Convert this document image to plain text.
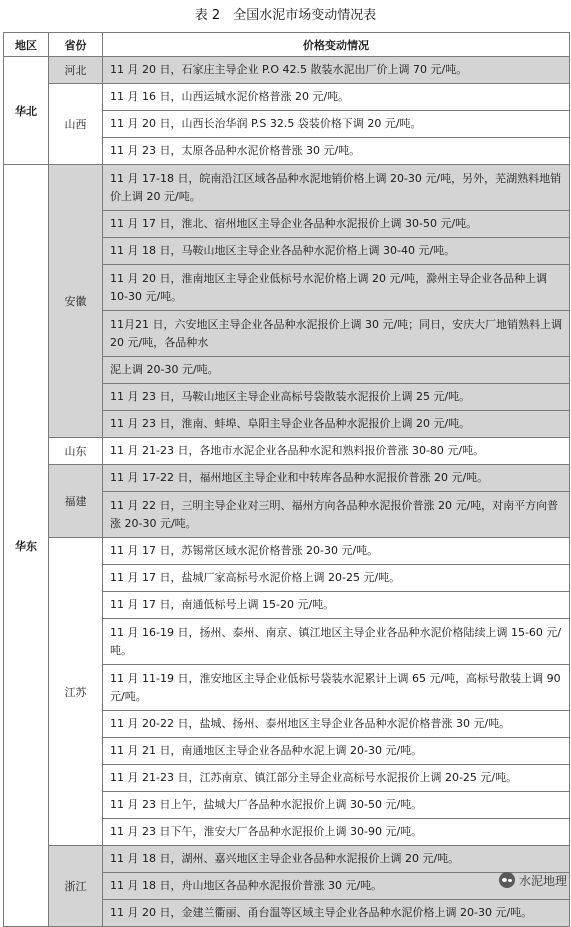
表 2　全国水泥市场变动情况表
地区	省份	价格变动情况
华北	河北	11 月 20 日，石家庄主导企业 P.O 42.5 散装水泥出厂价上调 70 元/吨。
	山西	11 月 16 日，山西运城水泥价格普涨 20 元/吨。
		11 月 20 日，山西长治华润 P.S 32.5 袋装价格下调 20 元/吨。
		11 月 23 日，太原各品种水泥价格普涨 30 元/吨。
华东	安徽	11 月 17-18 日，皖南沿江区域各品种水泥地销价格上调 20-30 元/吨，另外，芜湖熟料地销价上调 20 元/吨。
		11 月 17 日，淮北、宿州地区主导企业各品种水泥报价上调 30-50 元/吨。
		11 月 18 日，马鞍山地区主导企业各品种水泥价格上调 30-40 元/吨。
		11 月 20 日，淮南地区主导企业低标号水泥价格上调 20 元/吨，滁州主导企业各品种上调 10-30 元/吨。
		11月21 日，六安地区主导企业各品种水泥报价上调 30 元/吨；同日，安庆大厂地销熟料上调 20 元/吨，各品种水
		泥上调 20-30 元/吨。
		11 月 23 日，马鞍山地区主导企业高标号袋散装水泥报价上调 25 元/吨。
		11 月 23 日，淮南、蚌埠、阜阳主导企业各品种水泥报价上调 20 元/吨。
	山东	11 月 21-23 日，各地市水泥企业各品种水泥和熟料报价普涨 30-80 元/吨。
	福建	11 月 17-22 日，福州地区主导企业和中转库各品种水泥报价普涨 20 元/吨。
		11 月 22 日，三明主导企业对三明、福州方向各品种水泥报价普涨 20 元/吨，对南平方向普涨 20-30 元/吨。
	江苏	11 月 17 日，苏锡常区域水泥价格普涨 20-30 元/吨。
		11 月 17 日，盐城厂家高标号水泥价格上调 20-25 元/吨。
		11 月 17 日，南通低标号上调 15-20 元/吨。
		11 月 16-19 日，扬州、泰州、南京、镇江地区主导企业各品种水泥价格陆续上调 15-60 元/吨。
		11 月 11-19 日，淮安地区主导企业低标号袋装水泥累计上调 65 元/吨，高标号散装上调 90 元/吨。
		11 月 20-22 日，盐城、扬州、泰州地区主导企业各品种水泥价格普涨 30 元/吨。
		11 月 21 日，南通地区主导企业各品种水泥上调 20-30 元/吨。
		11 月 21-23 日，江苏南京、镇江部分主导企业高标号水泥报价上调 20-25 元/吨。
		11 月 23 日上午，盐城大厂各品种水泥报价上调 30-50 元/吨。
		11 月 23 日下午，淮安大厂各品种水泥报价上调 30-90 元/吨。
	浙江	11 月 18 日，湖州、嘉兴地区主导企业各品种水泥报价上调 20 元/吨。
		11 月 18 日，舟山地区各品种水泥报价普涨 30 元/吨。
		11 月 20 日，金建兰衢丽、甬台温等区域主导企业各品种水泥价格上调 20-30 元/吨。
水泥地理
